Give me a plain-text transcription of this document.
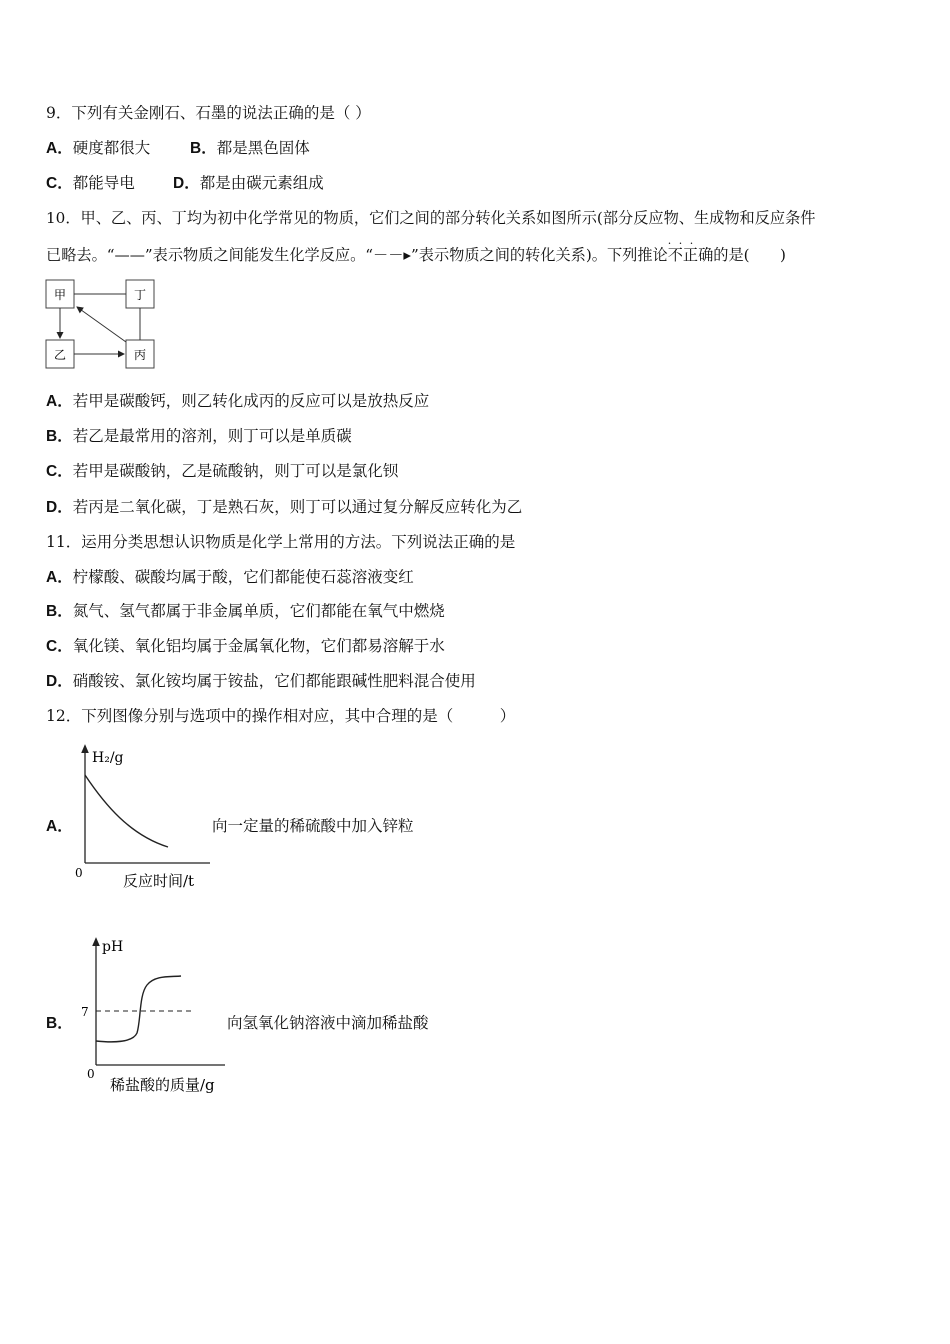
9．下列有关金刚石、石墨的说法正确的是（ ）
A．硬度都很大	B．都是黑色固体
C．都能导电 D．都是由碳元素组成
10．甲、乙、丙、丁均为初中化学常见的物质，它们之间的部分转化关系如图所示(部分反应物、生成物和反应条件
已略去。“——”表示物质之间能发生化学反应。“－－▸”表示物质之间的转化关系)。下列推论不正确 · · ·的是(　　)
甲	丁
乙	丙
A．若甲是碳酸钙，则乙转化成丙的反应可以是放热反应
B．若乙是最常用的溶剂，则丁可以是单质碳
C．若甲是碳酸钠，乙是硫酸钠，则丁可以是氯化钡
D．若丙是二氧化碳，丁是熟石灰，则丁可以通过复分解反应转化为乙
11．运用分类思想认识物质是化学上常用的方法。下列说法正确的是
A．柠檬酸、碳酸均属于酸，它们都能使石蕊溶液变红
B．氮气、氢气都属于非金属单质，它们都能在氧气中燃烧
C．氧化镁、氧化铝均属于金属氧化物，它们都易溶解于水
D．硝酸铵、氯化铵均属于铵盐，它们都能跟碱性肥料混合使用
12．下列图像分别与选项中的操作相对应，其中合理的是（　　　）
A．
H₂/g
0	反应时间/t
向一定量的稀硫酸中加入锌粒
B．
pH
7
0
稀盐酸的质量/g
向氢氧化钠溶液中滴加稀盐酸
